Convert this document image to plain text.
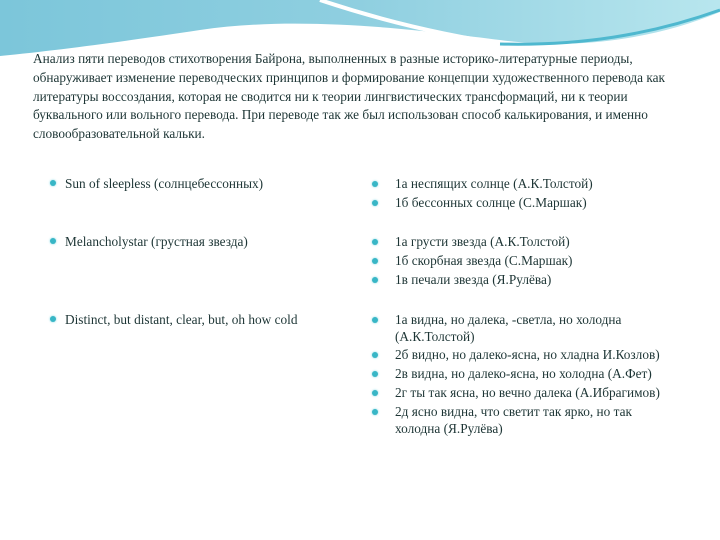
Анализ пяти переводов стихотворения Байрона, выполненных в разные историко-литературные периоды, обнаруживает изменение переводческих принципов и формирование концепции художественного перевода как литературы воссоздания, которая не сводится ни к теории лингвистических трансформаций, ни к теории буквального или вольного перевода. При переводе так же был использован способ калькирования, и именно словообразовательной кальки.
Sun of sleepless (солнцебессонных)	1а неспящих солнце (А.К.Толстой)
1б бессонных солнце (С.Маршак)
Melancholystar (грустная звезда)	1а грусти звезда (А.К.Толстой)
1б скорбная звезда (С.Маршак)
1в печали звезда (Я.Рулёва)
Distinct, but distant, clear, but, oh how cold	1а видна, но далека, -светла, но холодна (А.К.Толстой)
2б видно, но далеко-ясна, но хладна И.Козлов)
2в видна, но далеко-ясна, но холодна (А.Фет)
2г ты так ясна, но вечно далека (А.Ибрагимов)
2д ясно видна, что светит так ярко, но так холодна (Я.Рулёва)
